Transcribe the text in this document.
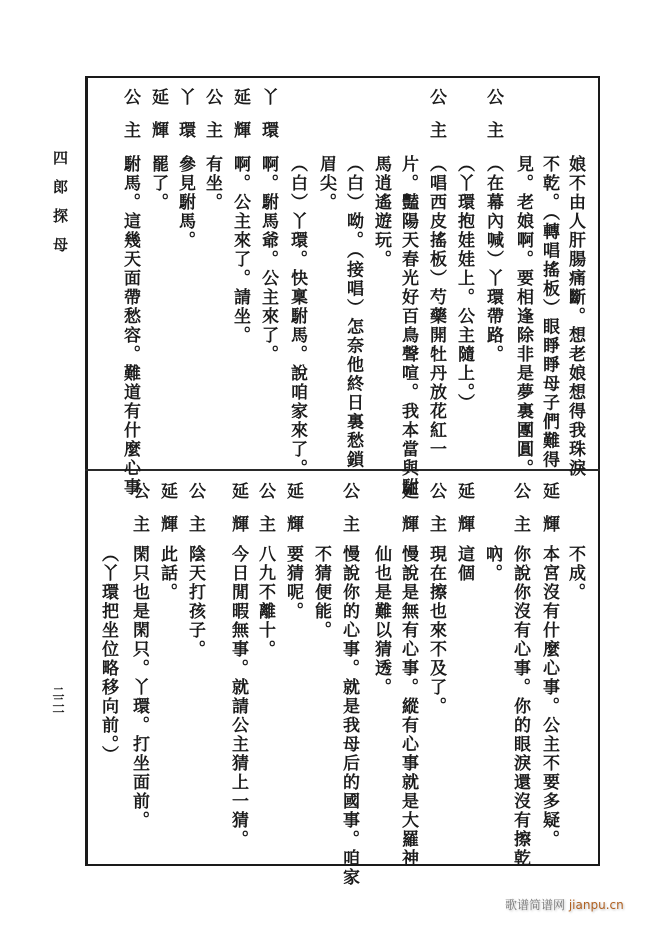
四郎探母
二二一
娘不由人肝腸痛斷。想老娘想得我珠淚
不乾。（轉唱搖板）眼睜睜母子們難得
見。老娘啊。要相逢除非是夢裏團圓。
公主
（在幕內喊）丫環帶路。
（丫環抱娃娃上。公主隨上。）
公主
（唱西皮搖板）芍藥開牡丹放花紅一
片。豔陽天春光好百鳥聲喧。我本當與駙
馬逍遙遊玩。
（白）呦。（接唱）怎奈他終日裏愁鎖
眉尖。
（白）丫環。快稟駙馬。說咱家來了。
丫環
啊。駙馬爺。公主來了。
延輝
啊。公主來了。請坐。
公主
有坐。
丫環
參見駙馬。
延輝
罷了。
公主
駙馬。這幾天面帶愁容。難道有什麼心事
不成。
延輝
本宮沒有什麼心事。公主不要多疑。
公主
你說你沒有心事。你的眼淚還沒有擦乾
吶。
延輝
這個
公主
現在擦也來不及了。
延輝
慢說是無有心事。縱有心事就是大羅神
仙也是難以猜透。
公主
慢說你的心事。就是我母后的國事。咱家
不猜便能。
延輝
要猜呢。
公主
八九不離十。
延輝
今日閒暇無事。就請公主猜上一猜。
公主
陰天打孩子。
延輝
此話。
公主
閑只也是閑只。丫環。打坐面前。
（丫環把坐位略移向前。）
歌谱简谱网 jianpu.cn
